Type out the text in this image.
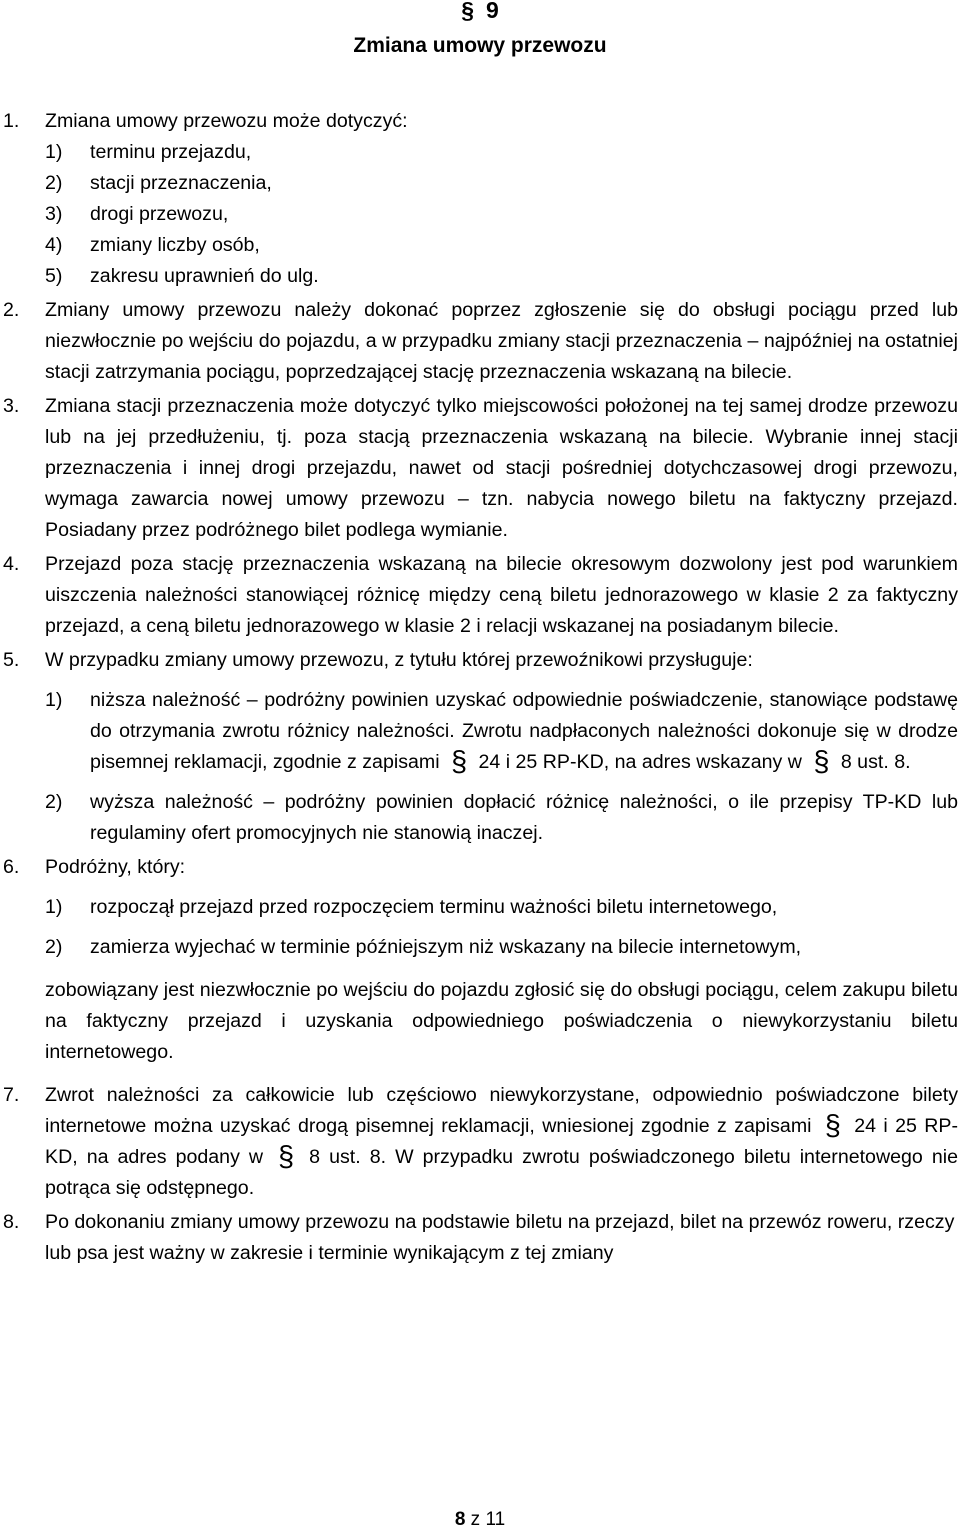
§ 9
Zmiana umowy przewozu
1. Zmiana umowy przewozu może dotyczyć:
1) terminu przejazdu,
2) stacji przeznaczenia,
3) drogi przewozu,
4) zmiany liczby osób,
5) zakresu uprawnień do ulg.
2. Zmiany umowy przewozu należy dokonać poprzez zgłoszenie się do obsługi pociągu przed lub niezwłocznie po wejściu do pojazdu, a w przypadku zmiany stacji przeznaczenia – najpóźniej na ostatniej stacji zatrzymania pociągu, poprzedzającej stację przeznaczenia wskazaną na bilecie.
3. Zmiana stacji przeznaczenia może dotyczyć tylko miejscowości położonej na tej samej drodze przewozu lub na jej przedłużeniu, tj. poza stacją przeznaczenia wskazaną na bilecie. Wybranie innej stacji przeznaczenia i innej drogi przejazdu, nawet od stacji pośredniej dotychczasowej drogi przewozu, wymaga zawarcia nowej umowy przewozu – tzn. nabycia nowego biletu na faktyczny przejazd. Posiadany przez podróżnego bilet podlega wymianie.
4. Przejazd poza stację przeznaczenia wskazaną na bilecie okresowym dozwolony jest pod warunkiem uiszczenia należności stanowiącej różnicę między ceną biletu jednorazowego w klasie 2 za faktyczny przejazd, a ceną biletu jednorazowego w klasie 2 i relacji wskazanej na posiadanym bilecie.
5. W przypadku zmiany umowy przewozu, z tytułu której przewoźnikowi przysługuje:
1) niższa należność – podróżny powinien uzyskać odpowiednie poświadczenie, stanowiące podstawę do otrzymania zwrotu różnicy należności. Zwrotu nadpłaconych należności dokonuje się w drodze pisemnej reklamacji, zgodnie z zapisami § 24 i 25 RP-KD, na adres wskazany w § 8 ust. 8.
2) wyższa należność – podróżny powinien dopłacić różnicę należności, o ile przepisy TP-KD lub regulaminy ofert promocyjnych nie stanowią inaczej.
6. Podróżny, który:
1) rozpoczął przejazd przed rozpoczęciem terminu ważności biletu internetowego,
2) zamierza wyjechać w terminie późniejszym niż wskazany na bilecie internetowym,
zobowiązany jest niezwłocznie po wejściu do pojazdu zgłosić się do obsługi pociągu, celem zakupu biletu na faktyczny przejazd i uzyskania odpowiedniego poświadczenia o niewykorzystaniu biletu internetowego.
7. Zwrot należności za całkowicie lub częściowo niewykorzystane, odpowiednio poświadczone bilety internetowe można uzyskać drogą pisemnej reklamacji, wniesionej zgodnie z zapisami § 24 i 25 RP-KD, na adres podany w § 8 ust. 8. W przypadku zwrotu poświadczonego biletu internetowego nie potrąca się odstępnego.
8. Po dokonaniu zmiany umowy przewozu na podstawie biletu na przejazd, bilet na przewóz roweru, rzeczy lub psa jest ważny w zakresie i terminie wynikającym z tej zmiany
8 z 11
